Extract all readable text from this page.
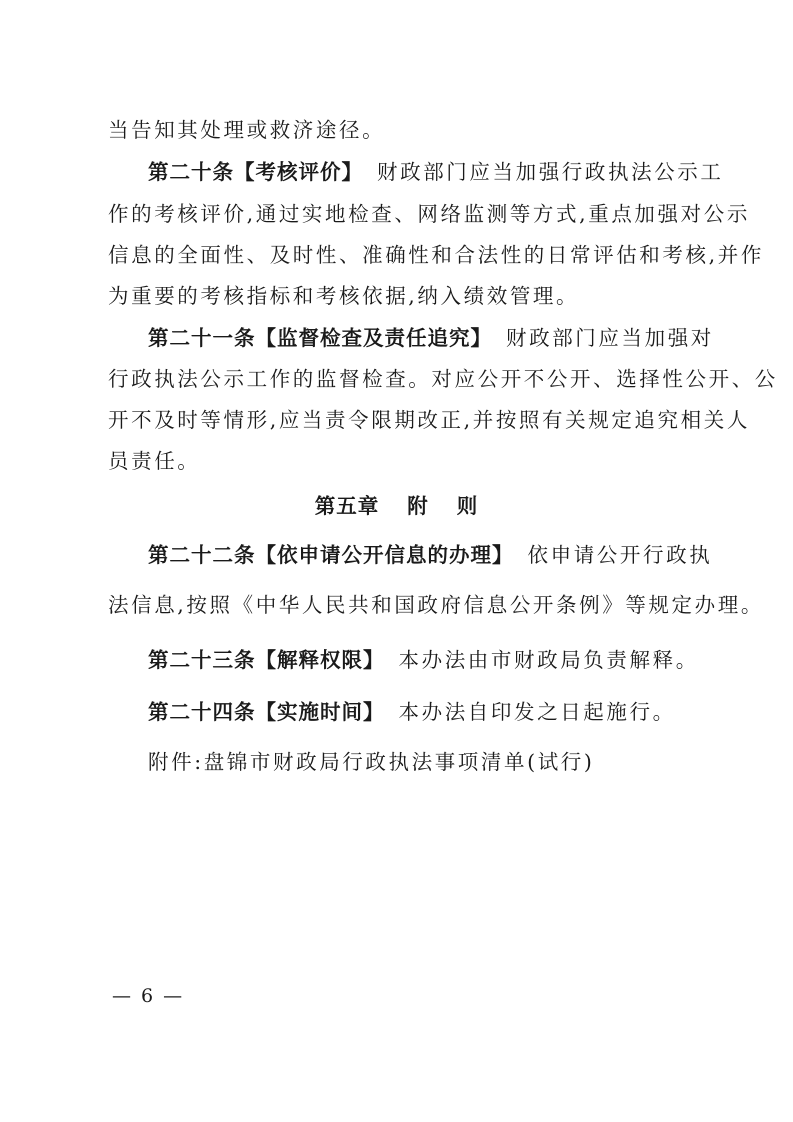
当告知其处理或救济途径。
第二十条【考核评价】 财政部门应当加强行政执法公示工
作的考核评价,通过实地检查、网络监测等方式,重点加强对公示
信息的全面性、及时性、准确性和合法性的日常评估和考核,并作
为重要的考核指标和考核依据,纳入绩效管理。
第二十一条【监督检查及责任追究】 财政部门应当加强对
行政执法公示工作的监督检查。对应公开不公开、选择性公开、公
开不及时等情形,应当责令限期改正,并按照有关规定追究相关人
员责任。
第五章 附 则
第二十二条【依申请公开信息的办理】 依申请公开行政执
法信息,按照《中华人民共和国政府信息公开条例》等规定办理。
第二十三条【解释权限】 本办法由市财政局负责解释。
第二十四条【实施时间】 本办法自印发之日起施行。
附件:盘锦市财政局行政执法事项清单(试行)
— 6 —
